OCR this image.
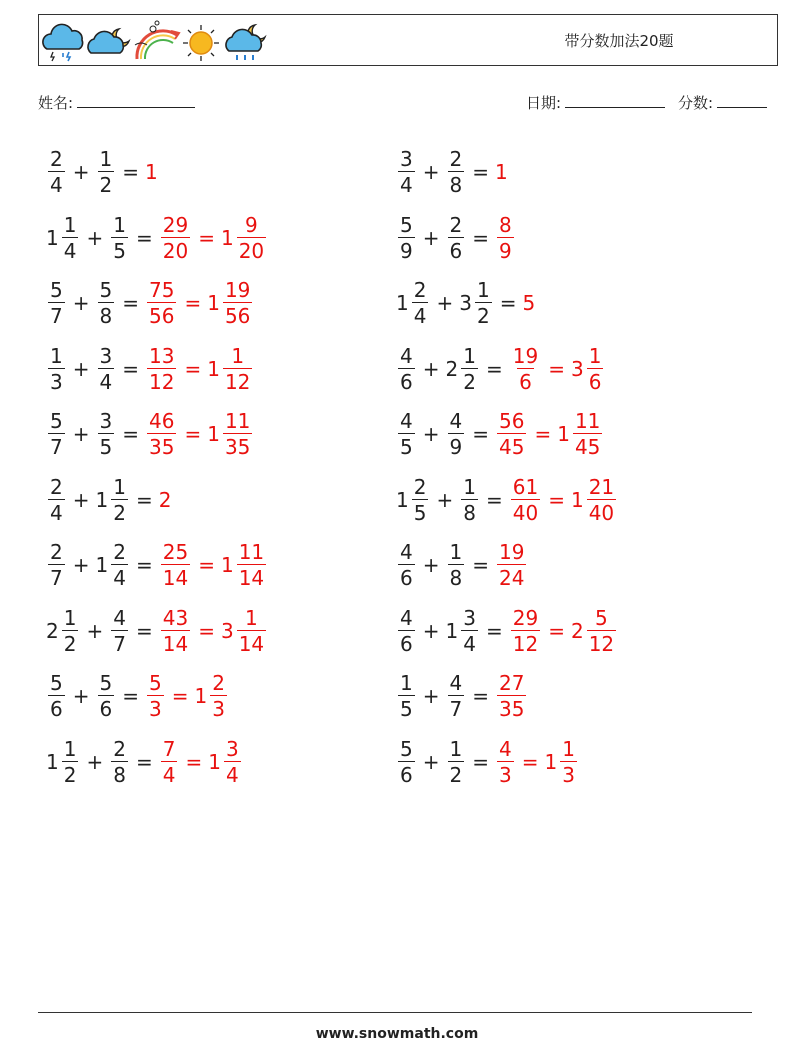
带分数加法20题
姓名:	日期:	分数:
$\frac{2}{4} + \frac{1}{2} = 1$	$\frac{3}{4} + \frac{2}{8} = 1$
$1 \frac{1}{4} + \frac{1}{5} = \frac{29}{20} = 1 \frac{9}{20}$	$\frac{5}{9} + \frac{2}{6} = \frac{8}{9}$
$\frac{5}{7} + \frac{5}{8} = \frac{75}{56} = 1 \frac{19}{56}$	$1 \frac{2}{4} + 3 \frac{1}{2} = 5$
$\frac{1}{3} + \frac{3}{4} = \frac{13}{12} = 1 \frac{1}{12}$	$\frac{4}{6} + 2 \frac{1}{2} = \frac{19}{6} = 3 \frac{1}{6}$
$\frac{5}{7} + \frac{3}{5} = \frac{46}{35} = 1 \frac{11}{35}$	$\frac{4}{5} + \frac{4}{9} = \frac{56}{45} = 1 \frac{11}{45}$
$\frac{2}{4} + 1 \frac{1}{2} = 2$	$1 \frac{2}{5} + \frac{1}{8} = \frac{61}{40} = 1 \frac{21}{40}$
$\frac{2}{7} + 1 \frac{2}{4} = \frac{25}{14} = 1 \frac{11}{14}$	$\frac{4}{6} + \frac{1}{8} = \frac{19}{24}$
$2 \frac{1}{2} + \frac{4}{7} = \frac{43}{14} = 3 \frac{1}{14}$	$\frac{4}{6} + 1 \frac{3}{4} = \frac{29}{12} = 2 \frac{5}{12}$
$\frac{5}{6} + \frac{5}{6} = \frac{5}{3} = 1 \frac{2}{3}$	$\frac{1}{5} + \frac{4}{7} = \frac{27}{35}$
$1 \frac{1}{2} + \frac{2}{8} = \frac{7}{4} = 1 \frac{3}{4}$	$\frac{5}{6} + \frac{1}{2} = \frac{4}{3} = 1 \frac{1}{3}$
www.snowmath.com
